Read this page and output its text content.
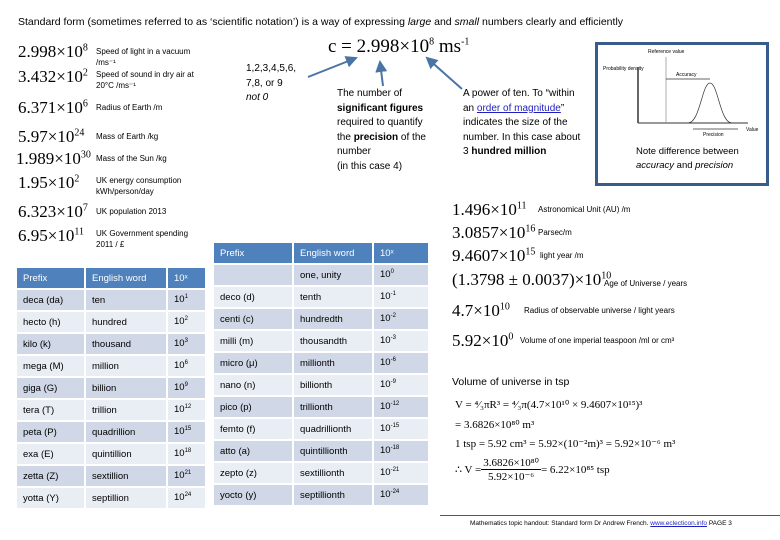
Standard form (sometimes referred to as ‘scientific notation’) is a way of expressing large and small numbers clearly and efficiently
$c = 2.998\times 10^8$ $ms^{-1}$
1,2,3,4,5,6,
7,8, or 9
not 0	The number of significant figures required to quantify the precision of the number
(in this case 4)
A power of ten. To “within an order of magnitude” indicates the size of the number. In this case about 3 hundred million
Reference value
Probability density
Accuracy
Precision
Value
Note difference between
accuracy and precision
Prefix	English word	10ˣ
deca (da)	ten	$10^1$
hecto (h)	hundred	$10^2$
kilo (k)	thousand	$10^3$
mega (M)	million	$10^6$
giga (G)	billion	$10^9$
tera (T)	trillion	$10^{12}$
peta (P)	quadrillion	$10^{15}$
exa (E)	quintillion	$10^{18}$
zetta (Z)	sextillion	$10^{21}$
yotta (Y)	septillion	$10^{24}$
Prefix	English word	10ˣ
	one, unity	$10^0$
deco (d)	tenth	$10^{-1}$
centi (c)	hundredth	$10^{-2}$
milli (m)	thousandth	$10^{-3}$
micro (μ)	millionth	$10^{-6}$
nano (n)	billionth	$10^{-9}$
pico (p)	trillionth	$10^{-12}$
femto (f)	quadrillionth	$10^{-15}$
atto (a)	quintillionth	$10^{-18}$
zepto (z)	sextillionth	$10^{-21}$
yocto (y)	septillionth	$10^{-24}$
Volume of universe in tsp
V = ⁴⁄₃πR³ = ⁴⁄₃π(4.7×10¹⁰ × 9.4607×10¹⁵)³
= 3.6826×10⁸⁰ m³
1 tsp = 5.92 cm³ = 5.92×(10⁻²m)³ = 5.92×10⁻⁶ m³
∴ $V = \frac{\text{3.6826×10⁸⁰}}{\text{5.92×10⁻⁶}} = 6.22\times 10^{85}$ tsp
Mathematics topic handout: Standard form Dr Andrew French. www.eclecticon.info PAGE 3
$2.998\times 10^8$ Speed of light in a vacuum /ms⁻¹
$3.432\times 10^2$ Speed of sound in dry air at 20°C /ms⁻¹
$6.371\times 10^6$ Radius of Earth /m
$5.97\times 10^{24}$ Mass of Earth /kg
$1.989\times 10^{30}$ Mass of the Sun /kg
$1.95\times 10^2$ UK energy consumption kWh/person/day
$6.323\times 10^7$ UK population 2013
$6.95\times 10^{11}$ UK Government spending 2011 / £
$1.496\times 10^{11}$ Astronomical Unit (AU) /m
$3.0857\times 10^{16}$ Parsec/m
$9.4607\times 10^{15}$ light year /m
$(1.3798 \pm 0.0037)\times 10^{10}$
Age of Universe / years
$4.7\times 10^{10}$ Radius of observable universe / light years
$5.92\times 10^0$ Volume of one imperial teaspoon /ml or cm³
